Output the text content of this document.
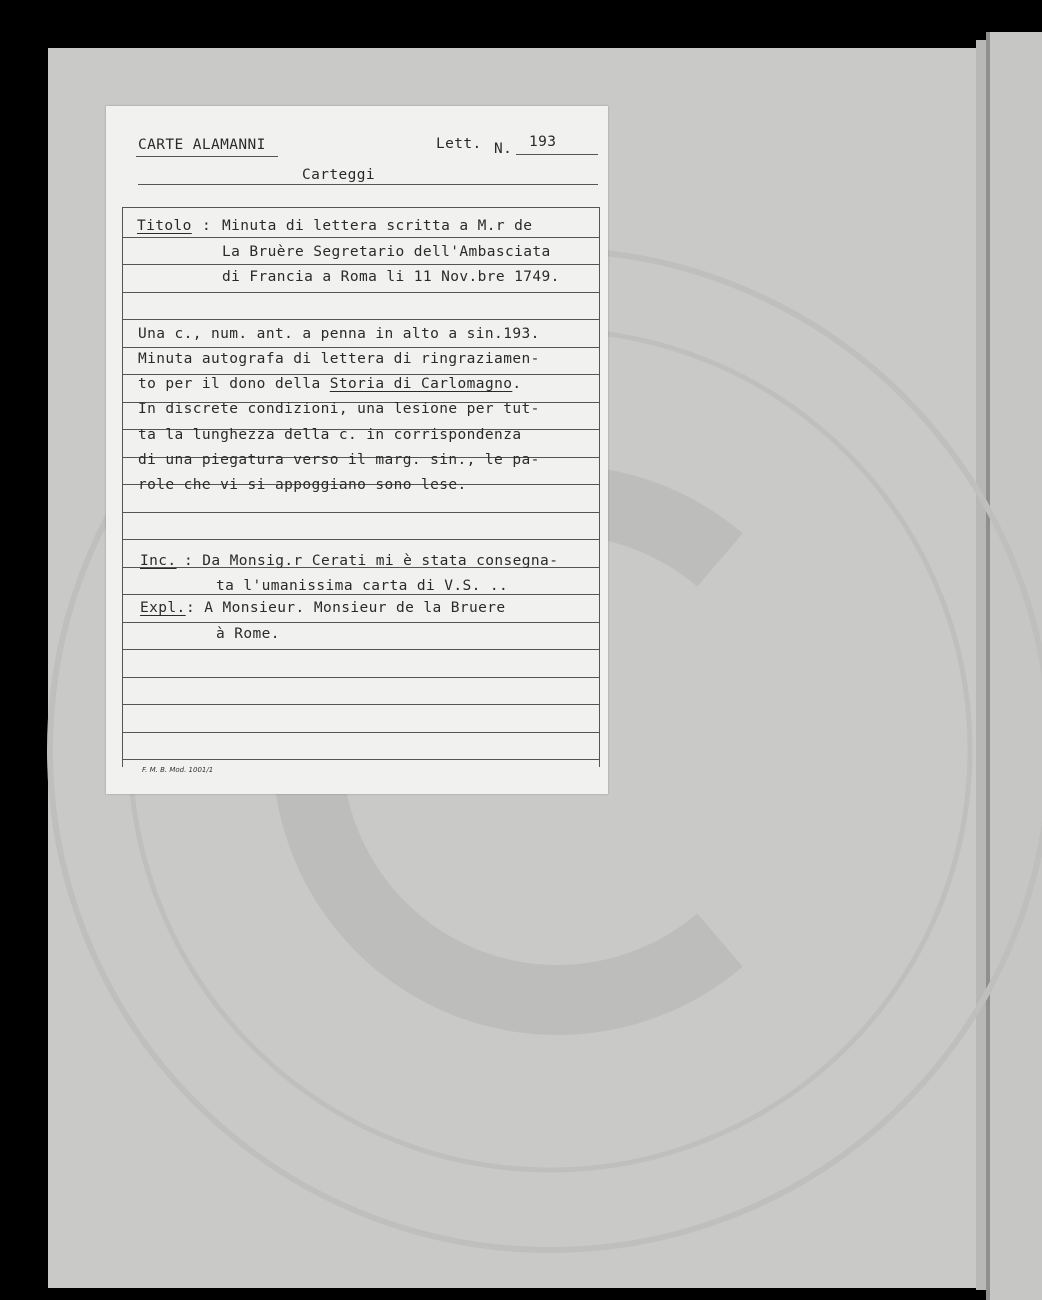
CARTE ALAMANNI	Lett. N. 193
Carteggi
Titolo : Minuta di lettera scritta a M.r de
La Bruère Segretario dell'Ambasciata
di Francia a Roma li 11 Nov.bre 1749.
Una c., num. ant. a penna in alto a sin.193.
Minuta autografa di lettera di ringraziamen-
to per il dono della Storia di Carlomagno.
In discrete condizioni, una lesione per tut-
ta la lunghezza della c. in corrispondenza
di una piegatura verso il marg. sin., le pa-
role che vi si appoggiano sono lese.
Inc. : Da Monsig.r Cerati mi è stata consegna-
ta l'umanissima carta di V.S. ..
Expl. : A Monsieur. Monsieur de la Bruere
à Rome.
F. M. B. Mod. 1001/1
